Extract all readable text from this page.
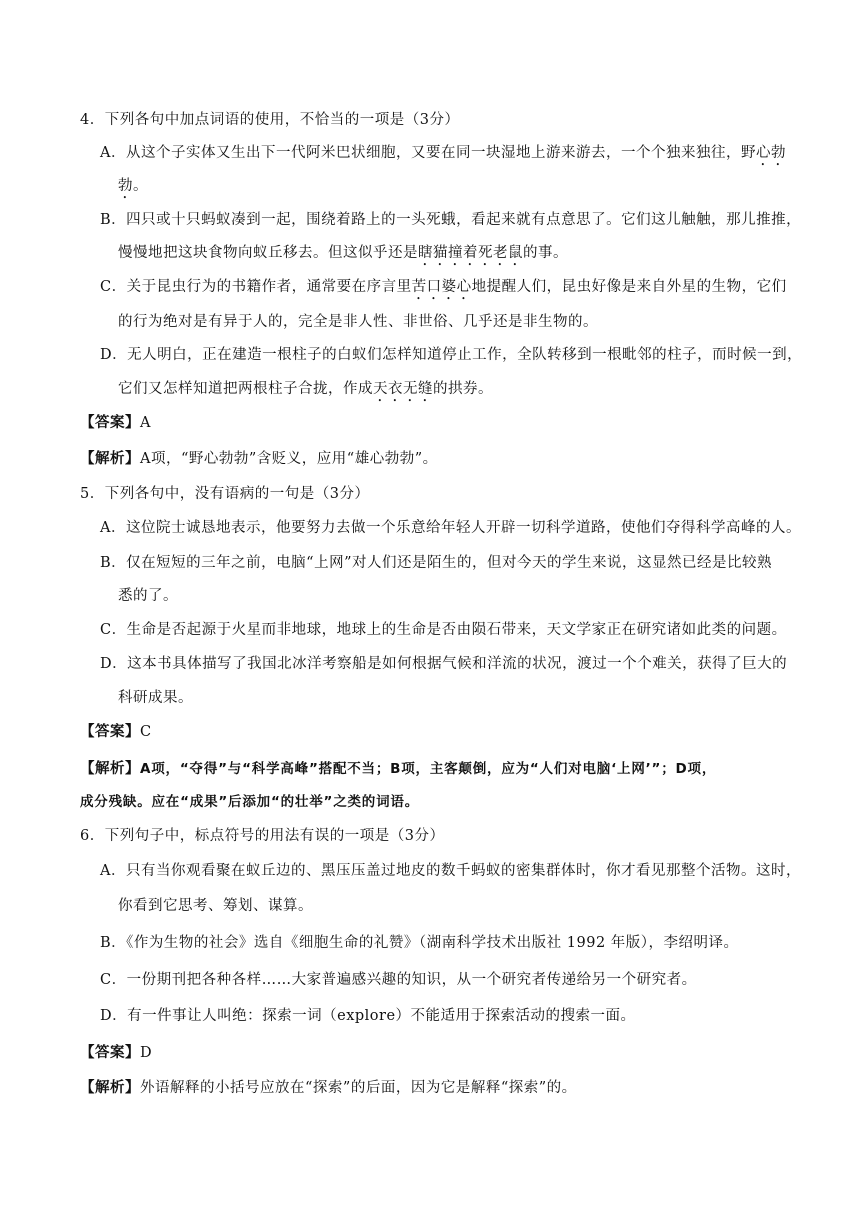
4．下列各句中加点词语的使用，不恰当的一项是（3分）
A．从这个子实体又生出下一代阿米巴状细胞，又要在同一块湿地上游来游去，一个个独来独往，野心勃
勃。
B．四只或十只蚂蚁凑到一起，围绕着路上的一头死蛾，看起来就有点意思了。它们这儿触触，那儿推推，
慢慢地把这块食物向蚁丘移去。但这似乎还是瞎猫撞着死老鼠的事。
C．关于昆虫行为的书籍作者，通常要在序言里苦口婆心地提醒人们，昆虫好像是来自外星的生物，它们
的行为绝对是有异于人的，完全是非人性、非世俗、几乎还是非生物的。
D．无人明白，正在建造一根柱子的白蚁们怎样知道停止工作，全队转移到一根毗邻的柱子，而时候一到，
它们又怎样知道把两根柱子合拢，作成天衣无缝的拱券。
【答案】A
【解析】A项，“野心勃勃”含贬义，应用“雄心勃勃”。
5．下列各句中，没有语病的一句是（3分）
A．这位院士诚恳地表示，他要努力去做一个乐意给年轻人开辟一切科学道路，使他们夺得科学高峰的人。
B．仅在短短的三年之前，电脑“上网”对人们还是陌生的，但对今天的学生来说，这显然已经是比较熟
悉的了。
C．生命是否起源于火星而非地球，地球上的生命是否由陨石带来，天文学家正在研究诸如此类的问题。
D．这本书具体描写了我国北冰洋考察船是如何根据气候和洋流的状况，渡过一个个难关，获得了巨大的
科研成果。
【答案】C
【解析】A项，“夺得”与“科学高峰”搭配不当；B项，主客颠倒，应为“人们对电脑‘上网’”；D项，
成分残缺。应在“成果”后添加“的壮举”之类的词语。
6．下列句子中，标点符号的用法有误的一项是（3分）
A．只有当你观看聚在蚁丘边的、黑压压盖过地皮的数千蚂蚁的密集群体时，你才看见那整个活物。这时，
你看到它思考、筹划、谋算。
B．《作为生物的社会》选自《细胞生命的礼赞》（湖南科学技术出版社 1992 年版），李绍明译。
C．一份期刊把各种各样……大家普遍感兴趣的知识，从一个研究者传递给另一个研究者。
D．有一件事让人叫绝：探索一词（explore）不能适用于探索活动的搜索一面。
【答案】D
【解析】外语解释的小括号应放在“探索”的后面，因为它是解释“探索”的。
